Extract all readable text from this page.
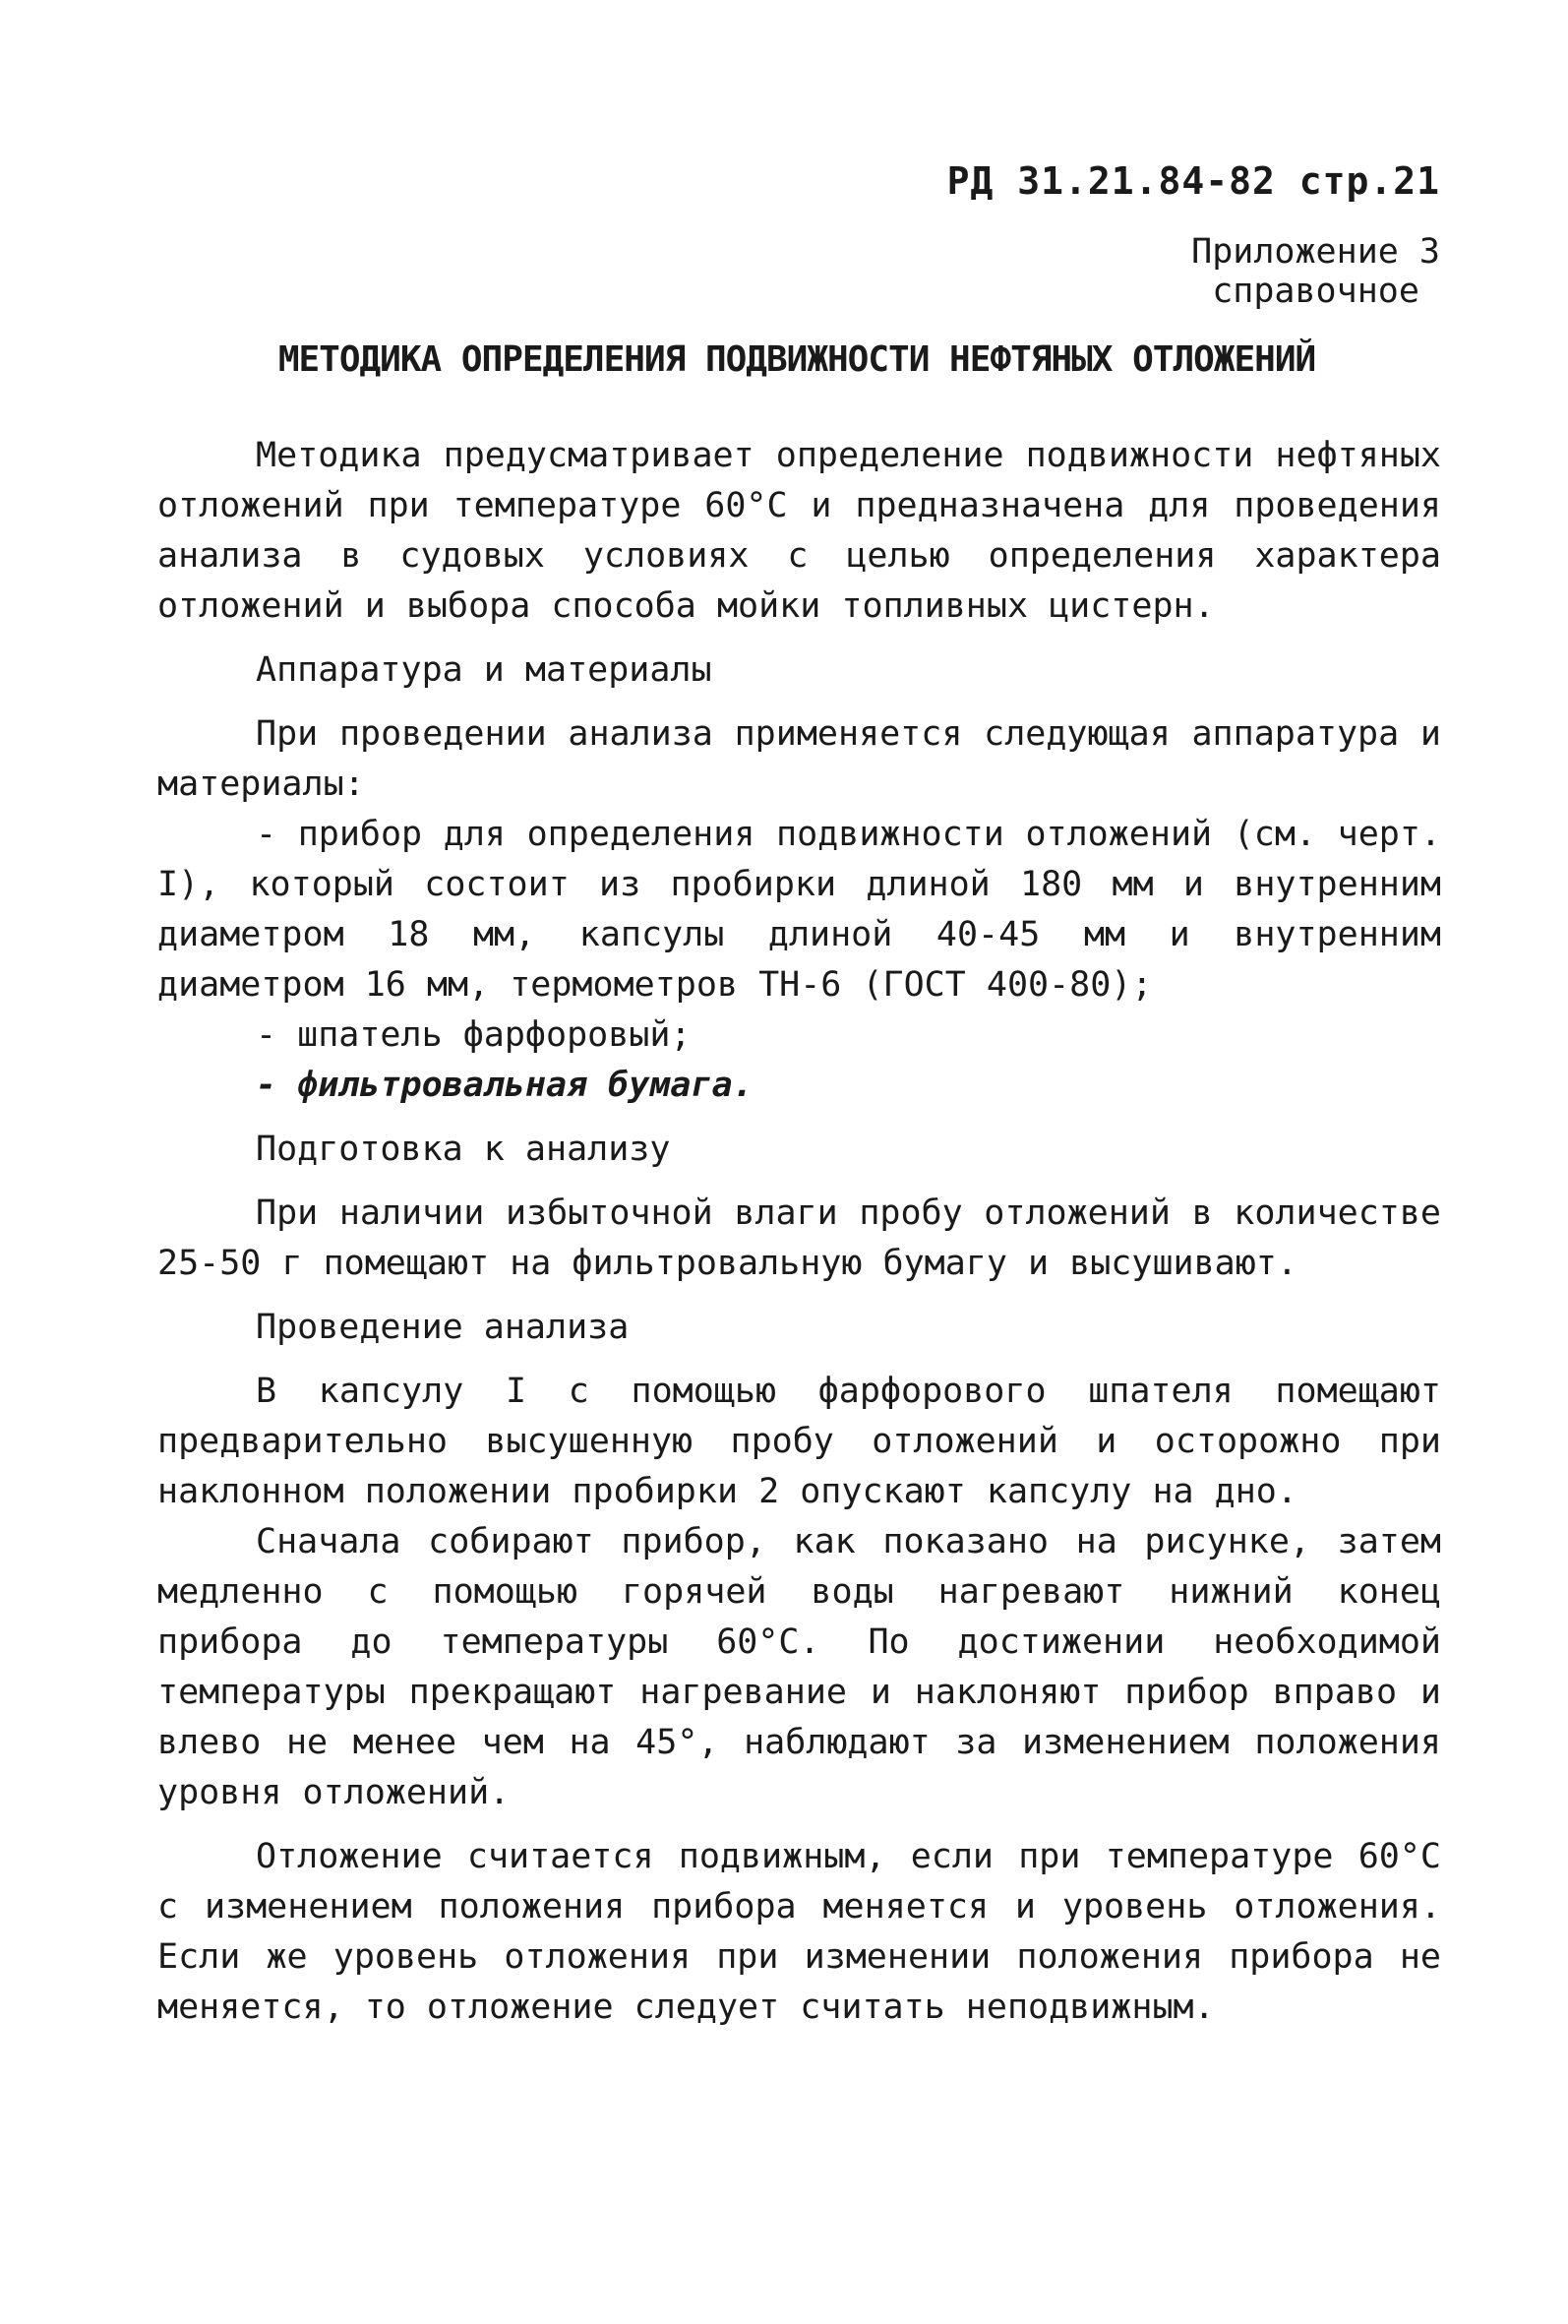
РД 31.21.84-82 стр.21
Приложение 3
справочное
МЕТОДИКА ОПРЕДЕЛЕНИЯ ПОДВИЖНОСТИ НЕФТЯНЫХ ОТЛОЖЕНИЙ

Методика предусматривает определение подвижности нефтяных отложений при температуре 60°С и предназначена для проведения анализа в судовых условиях с целью определения характера отложений и выбора способа мойки топливных цистерн.

Аппаратура и материалы

При проведении анализа применяется следующая аппаратура и материалы:

- прибор для определения подвижности отложений (см. черт. I), который состоит из пробирки длиной 180 мм и внутренним диаметром 18 мм, капсулы длиной 40-45 мм и внутренним диаметром 16 мм, термометров ТН-6 (ГОСТ 400-80);

- шпатель фарфоровый;

- фильтровальная бумага.

Подготовка к анализу

При наличии избыточной влаги пробу отложений в количестве 25-50 г помещают на фильтровальную бумагу и высушивают.

Проведение анализа

В капсулу I с помощью фарфорового шпателя помещают предварительно высушенную пробу отложений и осторожно при наклонном положении пробирки 2 опускают капсулу на дно.

Сначала собирают прибор, как показано на рисунке, затем медленно с помощью горячей воды нагревают нижний конец прибора до температуры 60°С. По достижении необходимой температуры прекращают нагревание и наклоняют прибор вправо и влево не менее чем на 45°, наблюдают за изменением положения уровня отложений.

Отложение считается подвижным, если при температуре 60°С с изменением положения прибора меняется и уровень отложения. Если же уровень отложения при изменении положения прибора не меняется, то отложение следует считать неподвижным.
